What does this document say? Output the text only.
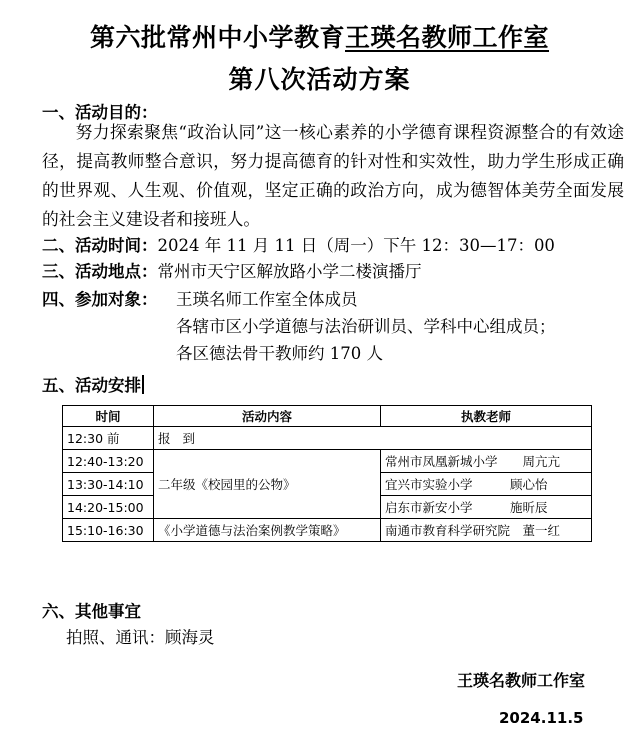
第六批常州中小学教育王瑛名教师工作室
第八次活动方案
一、活动目的：
努力探索聚焦“政治认同”这一核心素养的小学德育课程资源整合的有效途径，提高教师整合意识，努力提高德育的针对性和实效性，助力学生形成正确的世界观、人生观、价值观，坚定正确的政治方向，成为德智体美劳全面发展的社会主义建设者和接班人。
二、活动时间：2024 年 11 月 11 日（周一）下午 12：30—17：00
三、活动地点：常州市天宁区解放路小学二楼演播厅
四、参加对象： 王瑛名师工作室全体成员
各辖市区小学道德与法治研训员、学科中心组成员；
各区德法骨干教师约 170 人
五、活动安排
时间	活动内容	执教老师
12:30 前	报到	
12:40-13:20	二年级《校园里的公物》	常州市凤凰新城小学　　周亢亢
13:30-14:10		宜兴市实验小学　　　顾心怡
14:20-15:00		启东市新安小学　　　施昕辰
15:10-16:30	《小学道德与法治案例教学策略》	南通市教育科学研究院　董一红
六、其他事宜
拍照、通讯：顾海灵
王瑛名教师工作室
2024.11.5
